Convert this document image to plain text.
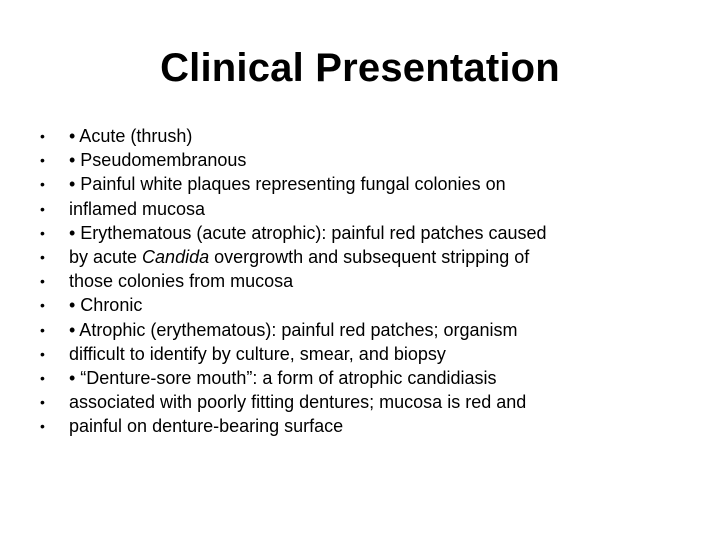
Clinical Presentation
•	• Acute (thrush)
•	• Pseudomembranous
•	• Painful white plaques representing fungal colonies on
•	inflamed mucosa
•	• Erythematous (acute atrophic): painful red patches caused
•	by acute Candida overgrowth and subsequent stripping of
•	those colonies from mucosa
•	• Chronic
•	• Atrophic (erythematous): painful red patches; organism
•	difficult to identify by culture, smear, and biopsy
•	• “Denture-sore mouth”: a form of atrophic candidiasis
•	associated with poorly fitting dentures; mucosa is red and
•	painful on denture-bearing surface
